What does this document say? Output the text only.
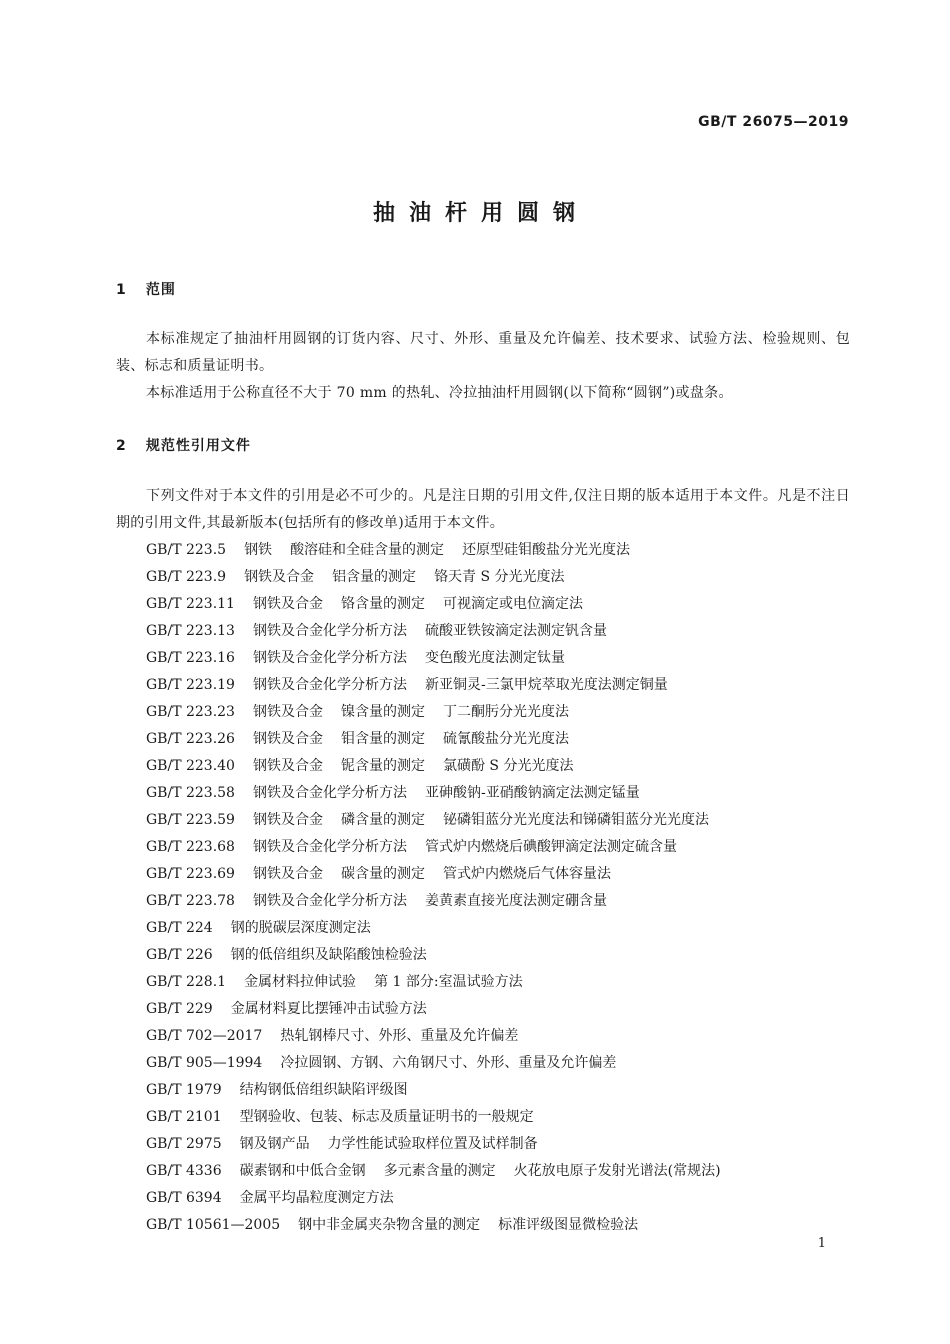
GB/T 26075—2019
抽油杆用圆钢
1 范围
本标准规定了抽油杆用圆钢的订货内容、尺寸、外形、重量及允许偏差、技术要求、试验方法、检验规则、包装、标志和质量证明书。
本标准适用于公称直径不大于 70 mm 的热轧、冷拉抽油杆用圆钢(以下简称“圆钢”)或盘条。
2 规范性引用文件
下列文件对于本文件的引用是必不可少的。凡是注日期的引用文件,仅注日期的版本适用于本文件。凡是不注日期的引用文件,其最新版本(包括所有的修改单)适用于本文件。
GB/T 223.5 钢铁 酸溶硅和全硅含量的测定 还原型硅钼酸盐分光光度法
GB/T 223.9 钢铁及合金 铝含量的测定 铬天青 S 分光光度法
GB/T 223.11 钢铁及合金 铬含量的测定 可视滴定或电位滴定法
GB/T 223.13 钢铁及合金化学分析方法 硫酸亚铁铵滴定法测定钒含量
GB/T 223.16 钢铁及合金化学分析方法 变色酸光度法测定钛量
GB/T 223.19 钢铁及合金化学分析方法 新亚铜灵-三氯甲烷萃取光度法测定铜量
GB/T 223.23 钢铁及合金 镍含量的测定 丁二酮肟分光光度法
GB/T 223.26 钢铁及合金 钼含量的测定 硫氰酸盐分光光度法
GB/T 223.40 钢铁及合金 铌含量的测定 氯磺酚 S 分光光度法
GB/T 223.58 钢铁及合金化学分析方法 亚砷酸钠-亚硝酸钠滴定法测定锰量
GB/T 223.59 钢铁及合金 磷含量的测定 铋磷钼蓝分光光度法和锑磷钼蓝分光光度法
GB/T 223.68 钢铁及合金化学分析方法 管式炉内燃烧后碘酸钾滴定法测定硫含量
GB/T 223.69 钢铁及合金 碳含量的测定 管式炉内燃烧后气体容量法
GB/T 223.78 钢铁及合金化学分析方法 姜黄素直接光度法测定硼含量
GB/T 224 钢的脱碳层深度测定法
GB/T 226 钢的低倍组织及缺陷酸蚀检验法
GB/T 228.1 金属材料拉伸试验 第 1 部分:室温试验方法
GB/T 229 金属材料夏比摆锤冲击试验方法
GB/T 702—2017 热轧钢棒尺寸、外形、重量及允许偏差
GB/T 905—1994 冷拉圆钢、方钢、六角钢尺寸、外形、重量及允许偏差
GB/T 1979 结构钢低倍组织缺陷评级图
GB/T 2101 型钢验收、包装、标志及质量证明书的一般规定
GB/T 2975 钢及钢产品 力学性能试验取样位置及试样制备
GB/T 4336 碳素钢和中低合金钢 多元素含量的测定 火花放电原子发射光谱法(常规法)
GB/T 6394 金属平均晶粒度测定方法
GB/T 10561—2005 钢中非金属夹杂物含量的测定 标准评级图显微检验法
1
